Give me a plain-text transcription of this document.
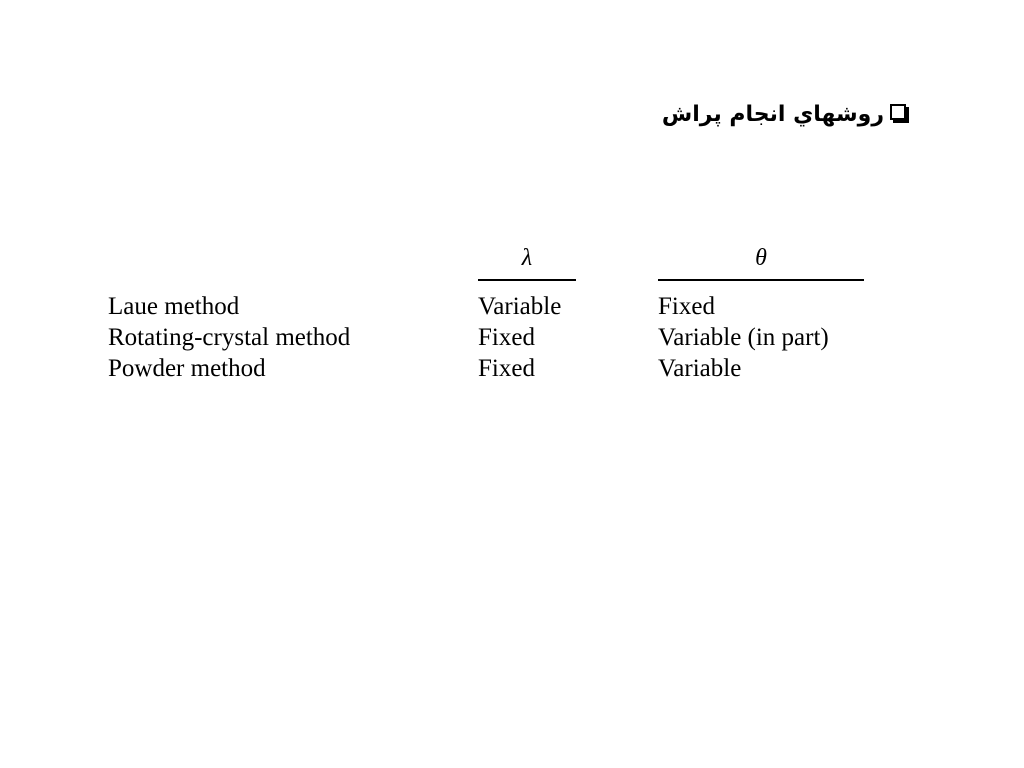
روشهاي انجام پراش
	λ	θ

Laue method	Variable	Fixed
Rotating-crystal method	Fixed	Variable (in part)
Powder method	Fixed	Variable
